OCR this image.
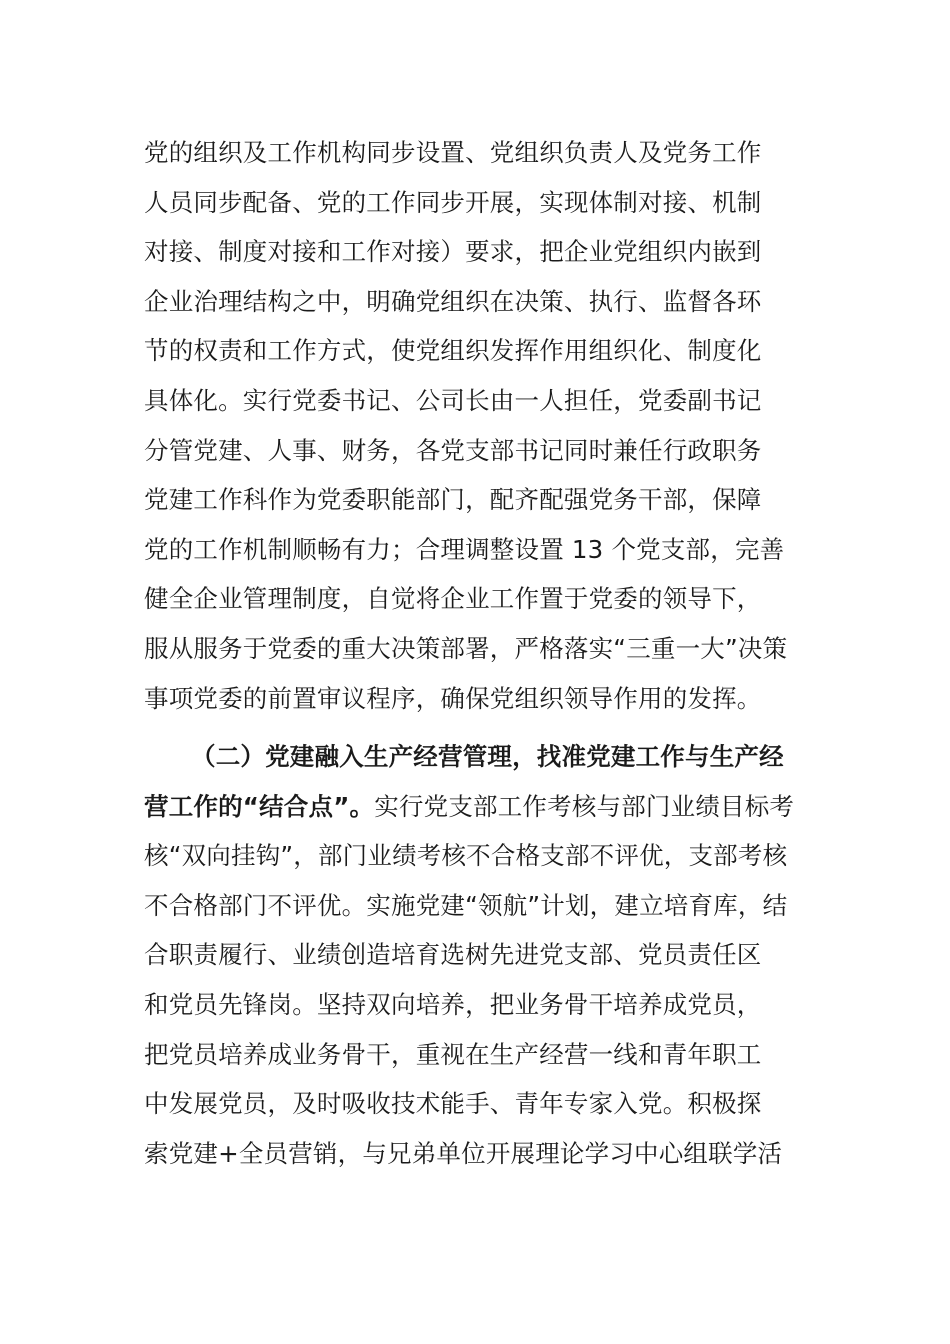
党的组织及工作机构同步设置、党组织负责人及党务工作
人员同步配备、党的工作同步开展，实现体制对接、机制
对接、制度对接和工作对接）要求，把企业党组织内嵌到
企业治理结构之中，明确党组织在决策、执行、监督各环
节的权责和工作方式，使党组织发挥作用组织化、制度化
具体化。实行党委书记、公司长由一人担任，党委副书记
分管党建、人事、财务，各党支部书记同时兼任行政职务
党建工作科作为党委职能部门，配齐配强党务干部，保障
党的工作机制顺畅有力；合理调整设置 13 个党支部，完善
健全企业管理制度，自觉将企业工作置于党委的领导下，
服从服务于党委的重大决策部署，严格落实“三重一大”决策
事项党委的前置审议程序，确保党组织领导作用的发挥。
（二）党建融入生产经营管理，找准党建工作与生产经
营工作的“结合点”。实行党支部工作考核与部门业绩目标考
核“双向挂钩”，部门业绩考核不合格支部不评优，支部考核
不合格部门不评优。实施党建“领航”计划，建立培育库，结
合职责履行、业绩创造培育选树先进党支部、党员责任区
和党员先锋岗。坚持双向培养，把业务骨干培养成党员，
把党员培养成业务骨干，重视在生产经营一线和青年职工
中发展党员，及时吸收技术能手、青年专家入党。积极探
索党建+全员营销，与兄弟单位开展理论学习中心组联学活
